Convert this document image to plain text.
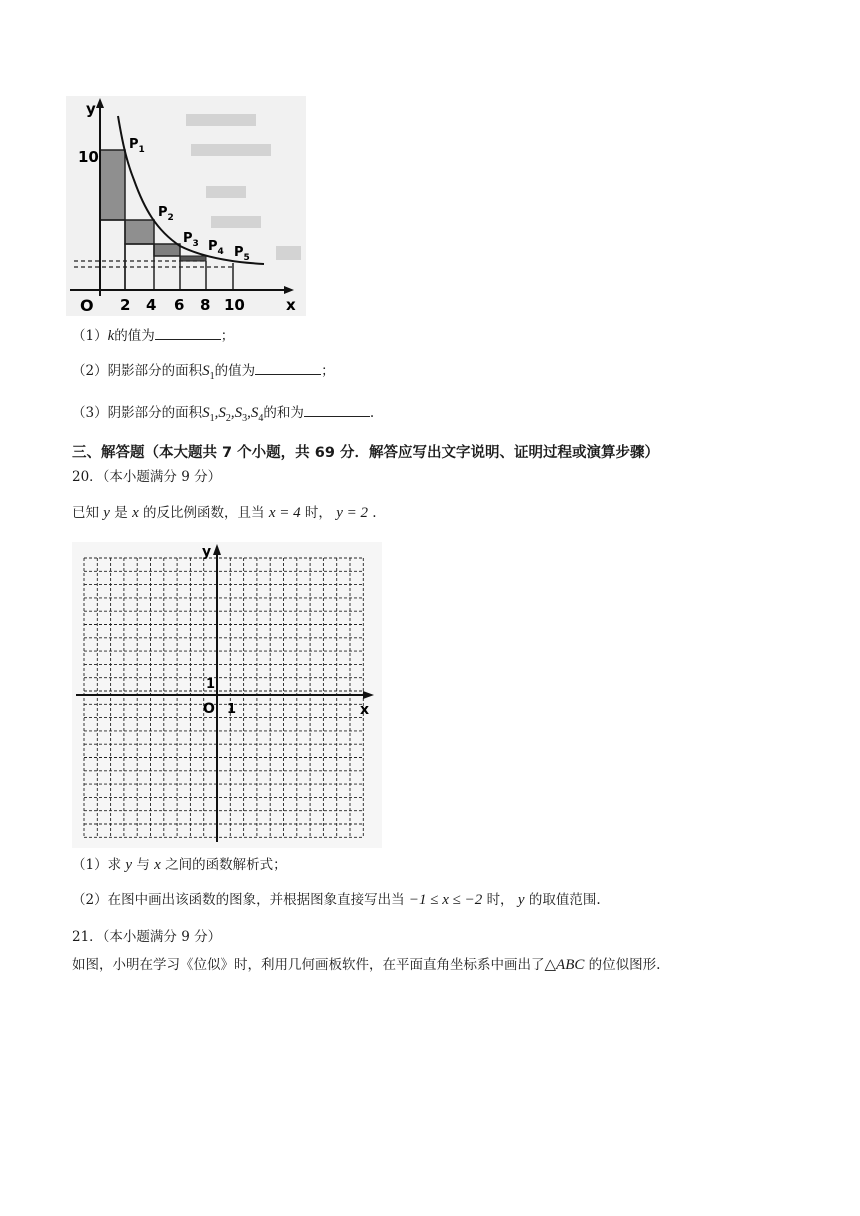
y
x
10
O 2 4 6 8 10
$P_1$
$P_2$
$P_3$ $P_4$ $P_5$
（1）k的值为	；
（2）阴影部分的面积$S_1$的值为	；
（3）阴影部分的面积$S_1,S_2,S_3,S_4$的和为	.
三、解答题（本大题共 7 个小题，共 69 分．解答应写出文字说明、证明过程或演算步骤）
20．（本小题满分 9 分）
已知 y 是 x 的反比例函数，且当 x = 4 时， y = 2 .
y
x
O 1
1
（1）求 y 与 x 之间的函数解析式；
（2）在图中画出该函数的图象，并根据图象直接写出当 −1 ≤ x ≤ −2 时， y 的取值范围.
21．（本小题满分 9 分）
如图，小明在学习《位似》时，利用几何画板软件，在平面直角坐标系中画出了△ABC 的位似图形.
